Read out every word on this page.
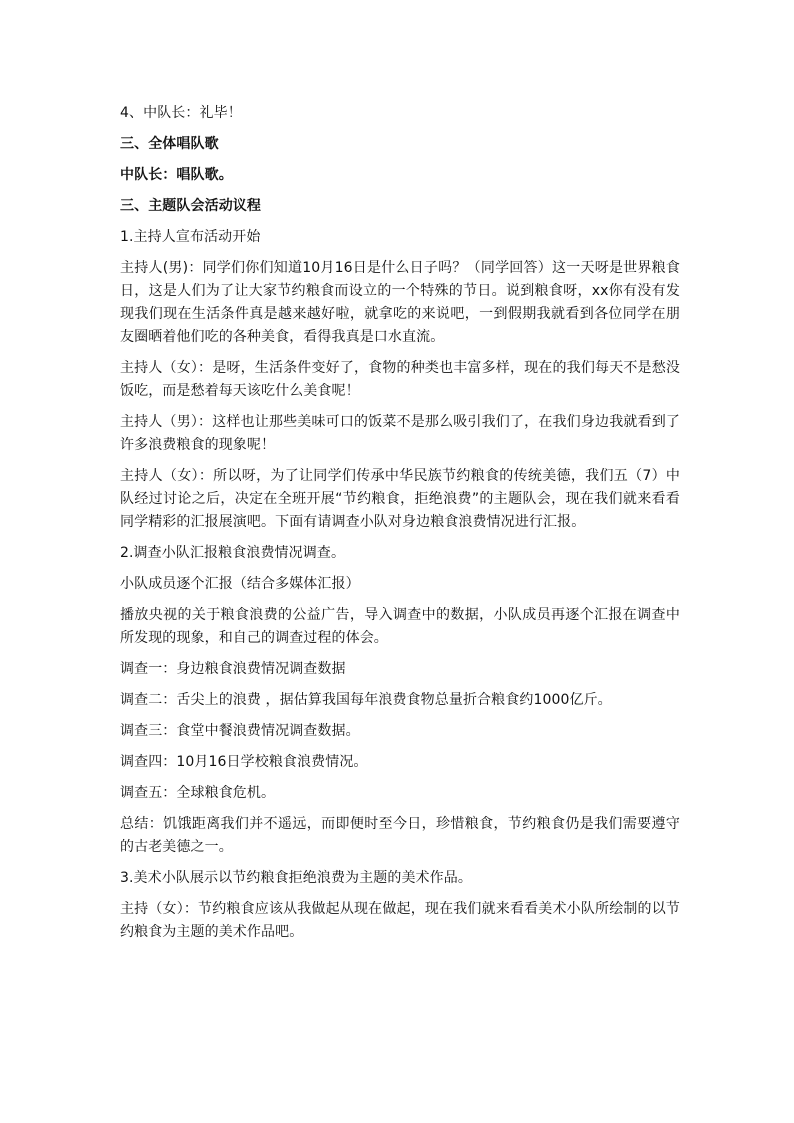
4、中队长：礼毕！

三、全体唱队歌

中队长：唱队歌。

三、主题队会活动议程

1.主持人宣布活动开始

主持人(男)：同学们你们知道10月16日是什么日子吗？（同学回答）这一天呀是世界粮食日，这是人们为了让大家节约粮食而设立的一个特殊的节日。说到粮食呀，xx你有没有发现我们现在生活条件真是越来越好啦，就拿吃的来说吧，一到假期我就看到各位同学在朋友圈晒着他们吃的各种美食，看得我真是口水直流。

主持人（女）：是呀，生活条件变好了，食物的种类也丰富多样，现在的我们每天不是愁没饭吃，而是愁着每天该吃什么美食呢！

主持人（男）：这样也让那些美味可口的饭菜不是那么吸引我们了，在我们身边我就看到了许多浪费粮食的现象呢！

主持人（女）：所以呀，为了让同学们传承中华民族节约粮食的传统美德，我们五（7）中队经过讨论之后，决定在全班开展“节约粮食，拒绝浪费”的主题队会，现在我们就来看看同学精彩的汇报展演吧。下面有请调查小队对身边粮食浪费情况进行汇报。

2.调查小队汇报粮食浪费情况调查。

小队成员逐个汇报（结合多媒体汇报）

播放央视的关于粮食浪费的公益广告，导入调查中的数据，小队成员再逐个汇报在调查中所发现的现象，和自己的调查过程的体会。

调查一：身边粮食浪费情况调查数据

调查二：舌尖上的浪费 ，据估算我国每年浪费食物总量折合粮食约1000亿斤。

调查三：食堂中餐浪费情况调查数据。

调查四：10月16日学校粮食浪费情况。

调查五：全球粮食危机。

总结：饥饿距离我们并不遥远，而即便时至今日，珍惜粮食，节约粮食仍是我们需要遵守的古老美德之一。

3.美术小队展示以节约粮食拒绝浪费为主题的美术作品。

主持（女）：节约粮食应该从我做起从现在做起，现在我们就来看看美术小队所绘制的以节约粮食为主题的美术作品吧。
